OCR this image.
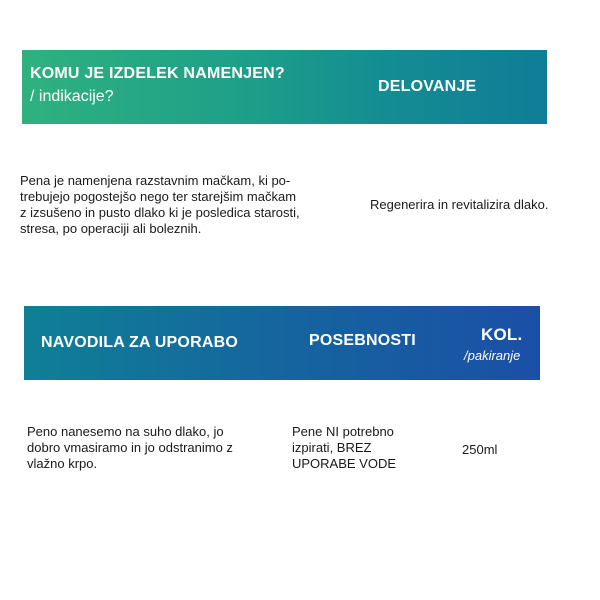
KOMU JE IZDELEK NAMENJEN?
/ indikacije?
DELOVANJE
Pena je namenjena razstavnim mačkam, ki po-
trebujejo pogostejšo nego ter starejšim mačkam
z izsušeno in pusto dlako ki je posledica starosti,
stresa, po operaciji ali boleznih.
Regenerira in revitalizira dlako.
NAVODILA ZA UPORABO	POSEBNOSTI	KOL.
/pakiranje
Peno nanesemo na suho dlako, jo
dobro vmasiramo in jo odstranimo z
vlažno krpo.
Pene NI potrebno
izpirati, BREZ
UPORABE VODE
250ml
